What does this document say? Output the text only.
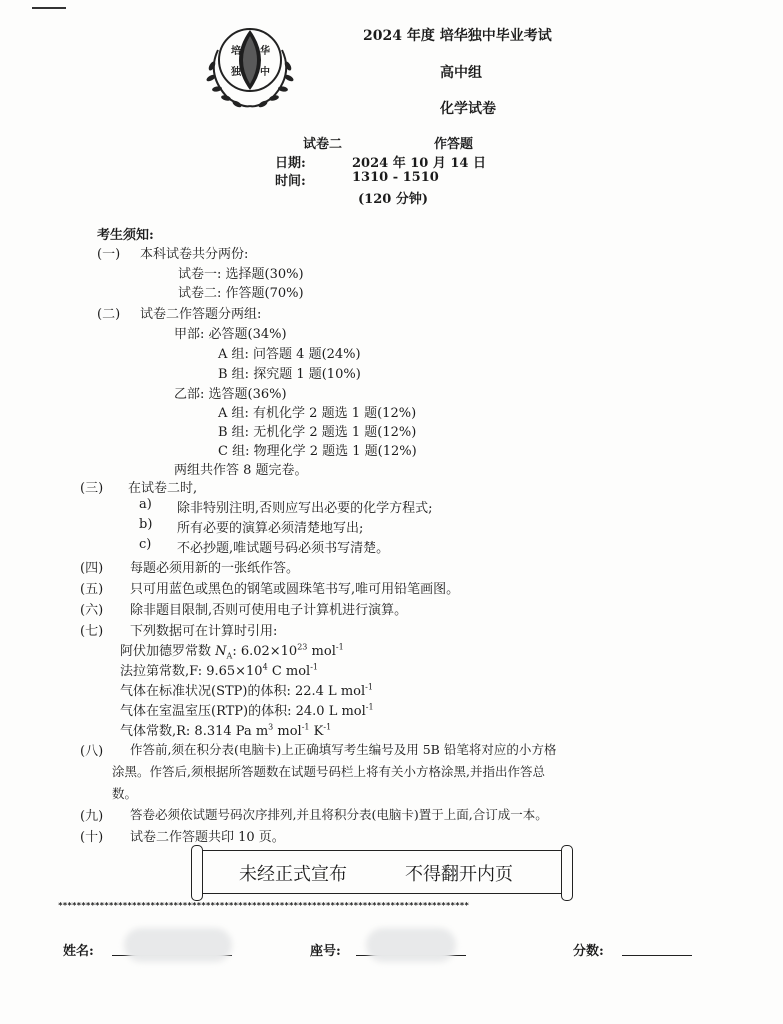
培 华
独 中
2024 年度 培华独中毕业考试
高中组
化学试卷
试卷二	作答题
日期:	2024 年 10 月 14 日
时间:	1310 - 1510
(120 分钟)
考生须知:
(一) 本科试卷共分两份:
试卷一: 选择题(30%)
试卷二: 作答题(70%)
(二) 试卷二作答题分两组:
甲部: 必答题(34%)
A 组: 问答题 4 题(24%)
B 组: 探究题 1 题(10%)
乙部: 选答题(36%)
A 组: 有机化学 2 题选 1 题(12%)
B 组: 无机化学 2 题选 1 题(12%)
C 组: 物理化学 2 题选 1 题(12%)
两组共作答 8 题完卷。
(三) 在试卷二时,
a) 除非特别注明,否则应写出必要的化学方程式;
b) 所有必要的演算必须清楚地写出;
c) 不必抄题,唯试题号码必须书写清楚。
(四) 每题必须用新的一张纸作答。
(五) 只可用蓝色或黑色的钢笔或圆珠笔书写,唯可用铅笔画图。
(六) 除非题目限制,否则可使用电子计算机进行演算。
(七) 下列数据可在计算时引用:
阿伏加德罗常数 $N_A$: $6.02\times 10^{23}$ mol$^{-1}$
法拉第常数,F: $9.65\times 10^4$ C mol$^{-1}$
气体在标准状况(STP)的体积: 22.4 L mol$^{-1}$
气体在室温室压(RTP)的体积: 24.0 L mol$^{-1}$
气体常数,R: 8.314 Pa $m^3$ mol$^{-1}$ $K^{-1}$
(八) 作答前,须在积分表(电脑卡)上正确填写考生编号及用 5B 铅笔将对应的小方格
涂黑。作答后,须根据所答题数在试题号码栏上将有关小方格涂黑,并指出作答总
数。
(九) 答卷必须依试题号码次序排列,并且将积分表(电脑卡)置于上面,合订成一本。
(十) 试卷二作答题共印 10 页。
未经正式宣布	不得翻开内页
*****************************************************************************************
姓名:	座号:	分数:
